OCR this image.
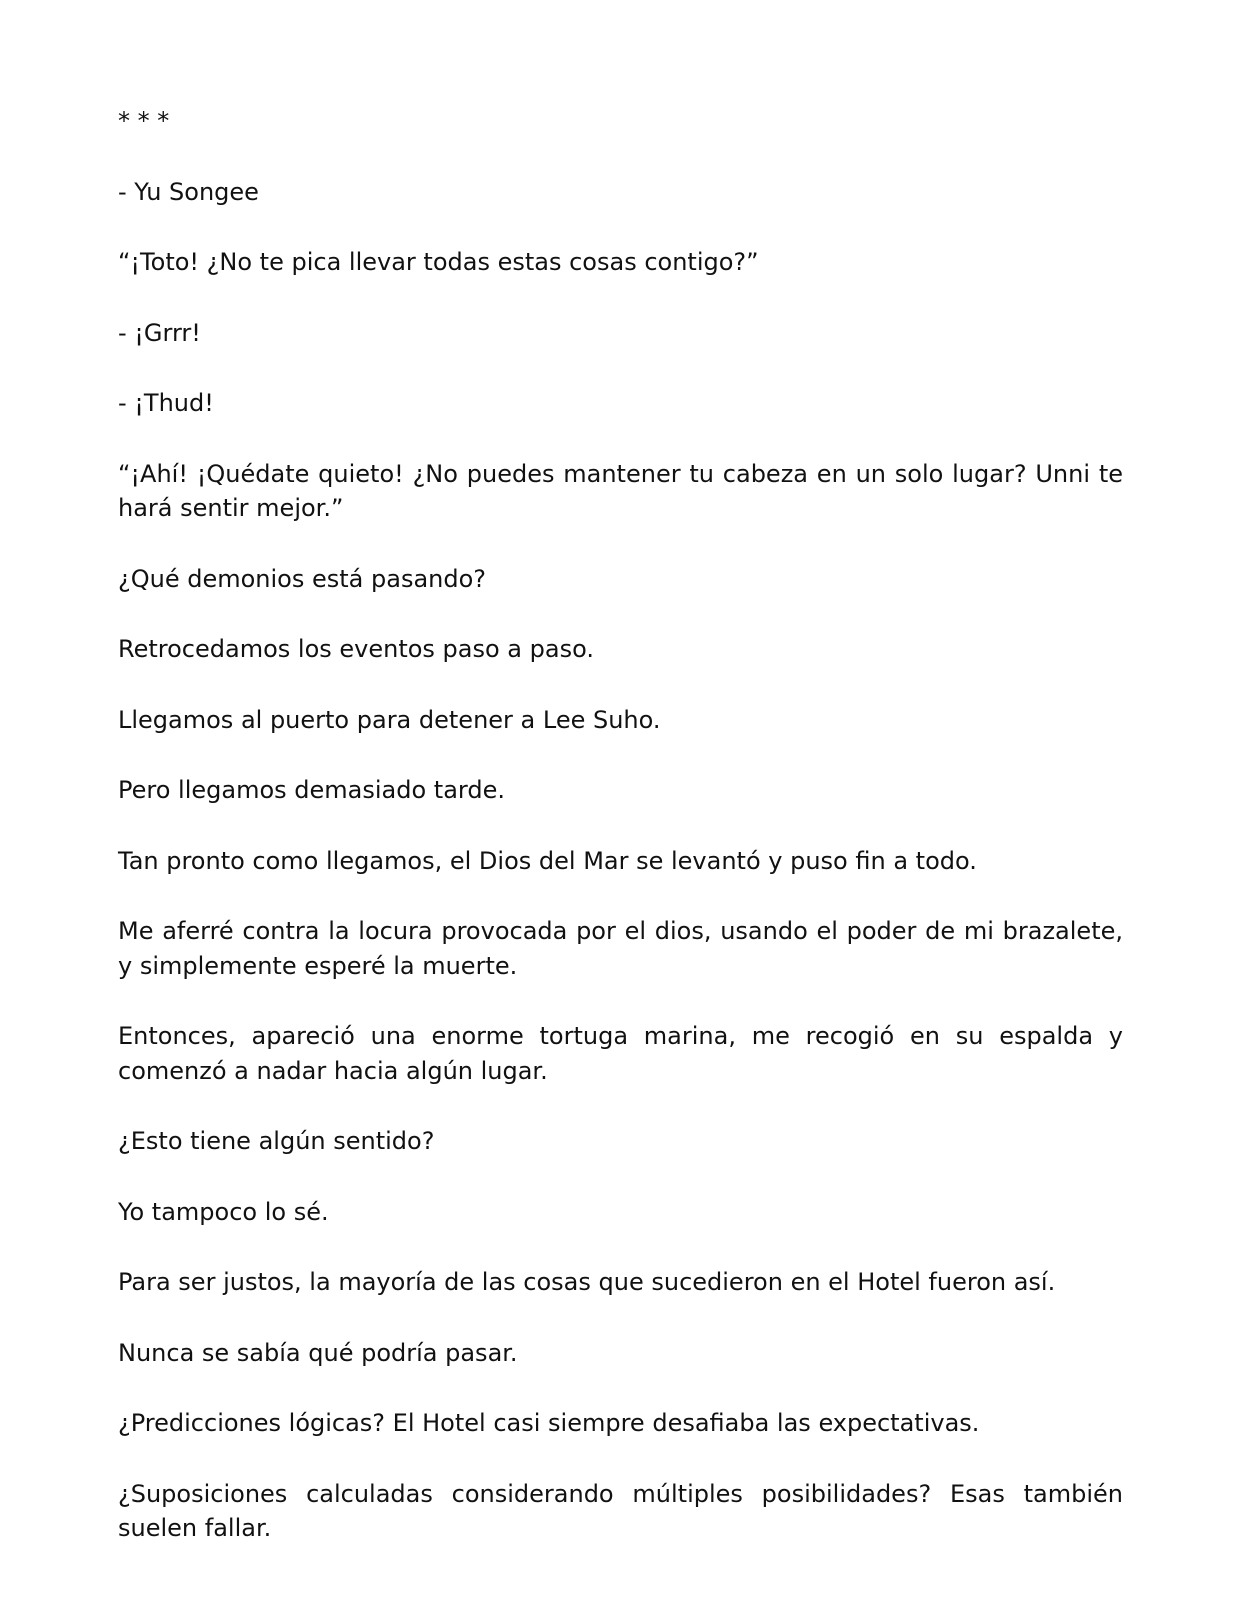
* * *

- Yu Songee

“¡Toto! ¿No te pica llevar todas estas cosas contigo?”

- ¡Grrr!

- ¡Thud!

“¡Ahí! ¡Quédate quieto! ¿No puedes mantener tu cabeza en un solo lugar? Unni te hará sentir mejor.”

¿Qué demonios está pasando?

Retrocedamos los eventos paso a paso.

Llegamos al puerto para detener a Lee Suho.

Pero llegamos demasiado tarde.

Tan pronto como llegamos, el Dios del Mar se levantó y puso fin a todo.

Me aferré contra la locura provocada por el dios, usando el poder de mi brazalete, y simplemente esperé la muerte.

Entonces, apareció una enorme tortuga marina, me recogió en su espalda y comenzó a nadar hacia algún lugar.

¿Esto tiene algún sentido?

Yo tampoco lo sé.

Para ser justos, la mayoría de las cosas que sucedieron en el Hotel fueron así.

Nunca se sabía qué podría pasar.

¿Predicciones lógicas? El Hotel casi siempre desafiaba las expectativas.

¿Suposiciones calculadas considerando múltiples posibilidades? Esas también suelen fallar.
